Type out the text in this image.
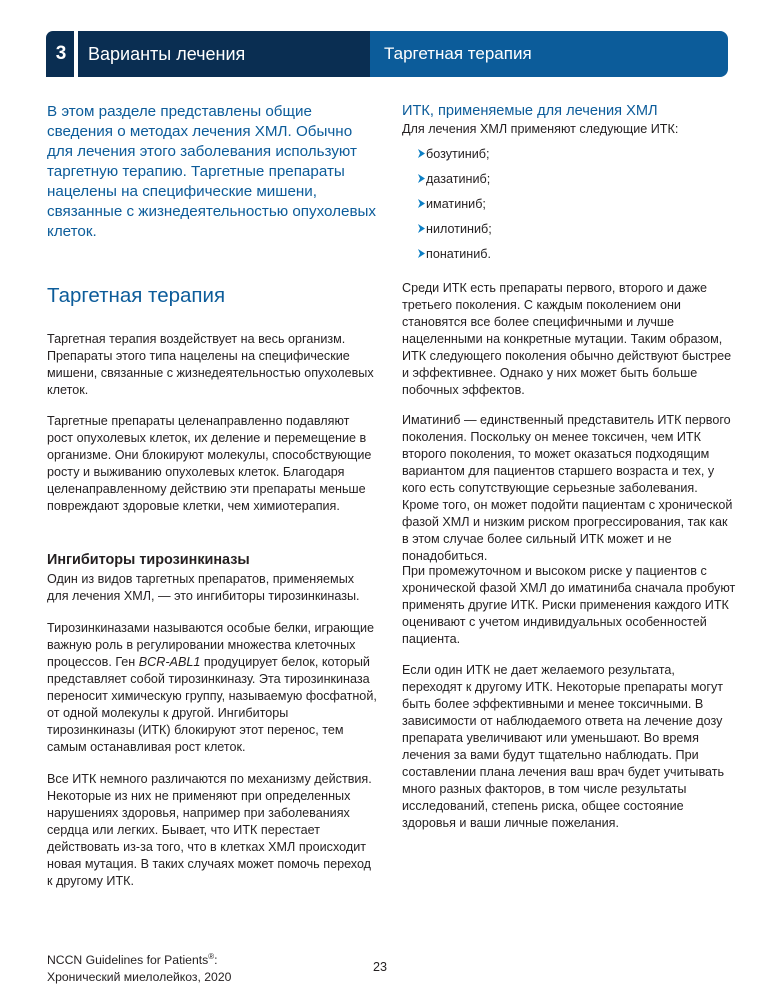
3	Варианты лечения	Таргетная терапия

В этом разделе представлены общие сведения о методах лечения ХМЛ. Обычно для лечения этого заболевания используют таргетную терапию. Таргетные препараты нацелены на специфические мишени, связанные с жизнедеятельностью опухолевых клеток.

Таргетная терапия

Таргетная терапия воздействует на весь организм. Препараты этого типа нацелены на специфические мишени, связанные с жизнедеятельностью опухолевых клеток.

Таргетные препараты целенаправленно подавляют рост опухолевых клеток, их деление и перемещение в организме. Они блокируют молекулы, способствующие росту и выживанию опухолевых клеток. Благодаря целенаправленному действию эти препараты меньше повреждают здоровые клетки, чем химиотерапия.

Ингибиторы тирозинкиназы

Один из видов таргетных препаратов, применяемых для лечения ХМЛ, — это ингибиторы тирозинкиназы.

Тирозинкиназами называются особые белки, играющие важную роль в регулировании множества клеточных процессов. Ген BCR-ABL1 продуцирует белок, который представляет собой тирозинкиназу. Эта тирозинкиназа переносит химическую группу, называемую фосфатной, от одной молекулы к другой. Ингибиторы тирозинкиназы (ИТК) блокируют этот перенос, тем самым останавливая рост клеток.

Все ИТК немного различаются по механизму действия. Некоторые из них не применяют при определенных нарушениях здоровья, например при заболеваниях сердца или легких. Бывает, что ИТК перестает действовать из-за того, что в клетках ХМЛ происходит новая мутация. В таких случаях может помочь переход к другому ИТК.

ИТК, применяемые для лечения ХМЛ

Для лечения ХМЛ применяют следующие ИТК:

бозутиниб;
дазатиниб;
иматиниб;
нилотиниб;
понатиниб.

Среди ИТК есть препараты первого, второго и даже третьего поколения. С каждым поколением они становятся все более специфичными и лучше нацеленными на конкретные мутации. Таким образом, ИТК следующего поколения обычно действуют быстрее и эффективнее. Однако у них может быть больше побочных эффектов.

Иматиниб — единственный представитель ИТК первого поколения. Поскольку он менее токсичен, чем ИТК второго поколения, то может оказаться подходящим вариантом для пациентов старшего возраста и тех, у кого есть сопутствующие серьезные заболевания. Кроме того, он может подойти пациентам с хронической фазой ХМЛ и низким риском прогрессирования, так как в этом случае более сильный ИТК может и не понадобиться.

При промежуточном и высоком риске у пациентов с хронической фазой ХМЛ до иматиниба сначала пробуют применять другие ИТК. Риски применения каждого ИТК оценивают с учетом индивидуальных особенностей пациента.

Если один ИТК не дает желаемого результата, переходят к другому ИТК. Некоторые препараты могут быть более эффективными и менее токсичными. В зависимости от наблюдаемого ответа на лечение дозу препарата увеличивают или уменьшают. Во время лечения за вами будут тщательно наблюдать. При составлении плана лечения ваш врач будет учитывать много разных факторов, в том числе результаты исследований, степень риска, общее состояние здоровья и ваши личные пожелания.

NCCN Guidelines for Patients®:
Хронический миелолейкоз, 2020

23
